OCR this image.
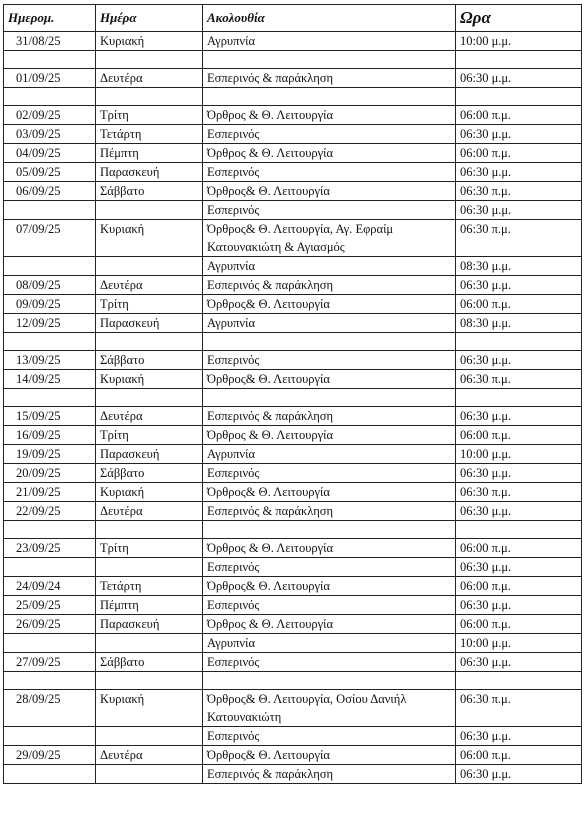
Ημερομ.	Ημέρα	Ακολουθία	Ωρα
31/08/25	Κυριακή	Αγρυπνία	10:00 μ.μ.

01/09/25	Δευτέρα	Εσπερινός & παράκληση	06:30 μ.μ.

02/09/25	Τρίτη	Όρθρος & Θ. Λειτουργία	06:00 π.μ.
03/09/25	Τετάρτη	Εσπερινός	06:30 μ.μ.
04/09/25	Πέμπτη	Όρθρος & Θ. Λειτουργία	06:00 π.μ.
05/09/25	Παρασκευή	Εσπερινός	06:30 μ.μ.
06/09/25	Σάββατο	Όρθρος& Θ. Λειτουργία	06:30 π.μ.
		Εσπερινός	06:30 μ.μ.
07/09/25	Κυριακή	Όρθρος& Θ. Λειτουργία, Αγ. Εφραίμ Κατουνακιώτη & Αγιασμός	06:30 π.μ.
		Αγρυπνία	08:30 μ.μ.
08/09/25	Δευτέρα	Εσπερινός & παράκληση	06:30 μ.μ.
09/09/25	Τρίτη	Όρθρος& Θ. Λειτουργία	06:00 π.μ.
12/09/25	Παρασκευή	Αγρυπνία	08:30 μ.μ.

13/09/25	Σάββατο	Εσπερινός	06:30 μ.μ.
14/09/25	Κυριακή	Όρθρος& Θ. Λειτουργία	06:30 π.μ.

15/09/25	Δευτέρα	Εσπερινός & παράκληση	06:30 μ.μ.
16/09/25	Τρίτη	Όρθρος & Θ. Λειτουργία	06:00 π.μ.
19/09/25	Παρασκευή	Αγρυπνία	10:00 μ.μ.
20/09/25	Σάββατο	Εσπερινός	06:30 μ.μ.
21/09/25	Κυριακή	Όρθρος& Θ. Λειτουργία	06:30 π.μ.
22/09/25	Δευτέρα	Εσπερινός & παράκληση	06:30 μ.μ.

23/09/25	Τρίτη	Όρθρος & Θ. Λειτουργία	06:00 π.μ.
		Εσπερινός	06:30 μ.μ.
24/09/24	Τετάρτη	Όρθρος& Θ. Λειτουργία	06:00 π.μ.
25/09/25	Πέμπτη	Εσπερινός	06:30 μ.μ.
26/09/25	Παρασκευή	Όρθρος & Θ. Λειτουργία	06:00 π.μ.
		Αγρυπνία	10:00 μ.μ.
27/09/25	Σάββατο	Εσπερινός	06:30 μ.μ.

28/09/25	Κυριακή	Όρθρος& Θ. Λειτουργία, Οσίου Δανιήλ Κατουνακιώτη	06:30 π.μ.
		Εσπερινός	06:30 μ.μ.
29/09/25	Δευτέρα	Όρθρος& Θ. Λειτουργία	06:00 π.μ.
		Εσπερινός & παράκληση	06:30 μ.μ.
